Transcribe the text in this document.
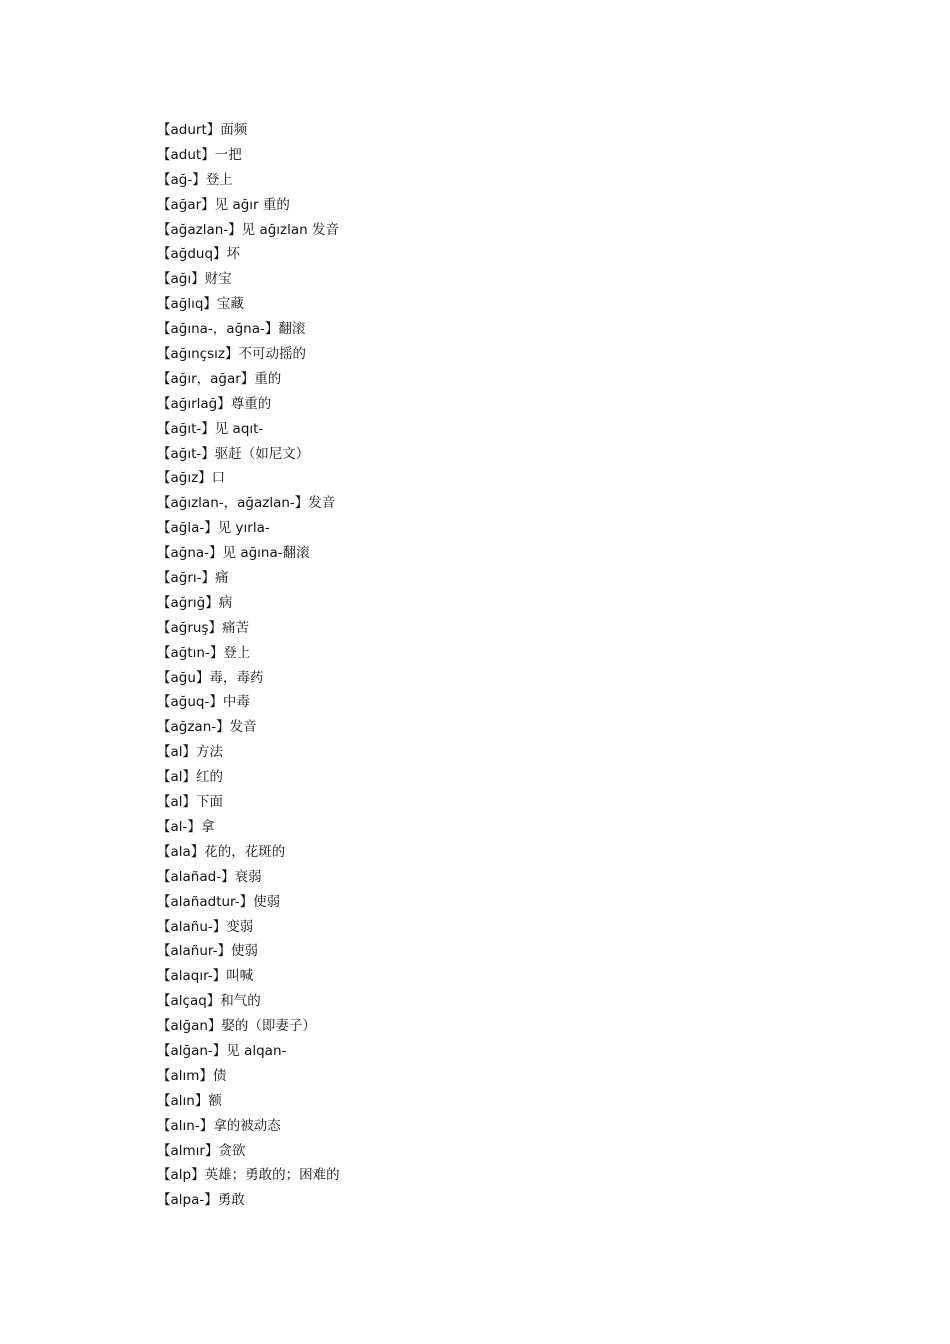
【adurt】面频
【adut】一把
【ağ-】登上
【ağar】见 ağır 重的
【ağazlan-】见 ağızlan 发音
【ağduq】坏
【ağı】财宝
【ağlıq】宝藏
【ağına-，ağna-】翻滚
【ağınçsız】不可动摇的
【ağır，ağar】重的
【ağırlağ】尊重的
【ağıt-】见 aqıt-
【ağıt-】驱赶（如尼文）
【ağız】口
【ağızlan-，ağazlan-】发音
【ağla-】见 yırla-
【ağna-】见 ağına-翻滚
【ağrı-】痛
【ağrığ】病
【ağruş】痛苦
【ağtın-】登上
【ağu】毒，毒药
【ağuq-】中毒
【ağzan-】发音
【al】方法
【al】红的
【al】下面
【al-】拿
【ala】花的，花斑的
【alañad-】衰弱
【alañadtur-】使弱
【alañu-】变弱
【alañur-】使弱
【alaqır-】叫喊
【alçaq】和气的
【alğan】娶的（即妻子）
【alğan-】见 alqan-
【alım】债
【alın】额
【alın-】拿的被动态
【almır】贪欲
【alp】英雄；勇敢的；困难的
【alpa-】勇敢
